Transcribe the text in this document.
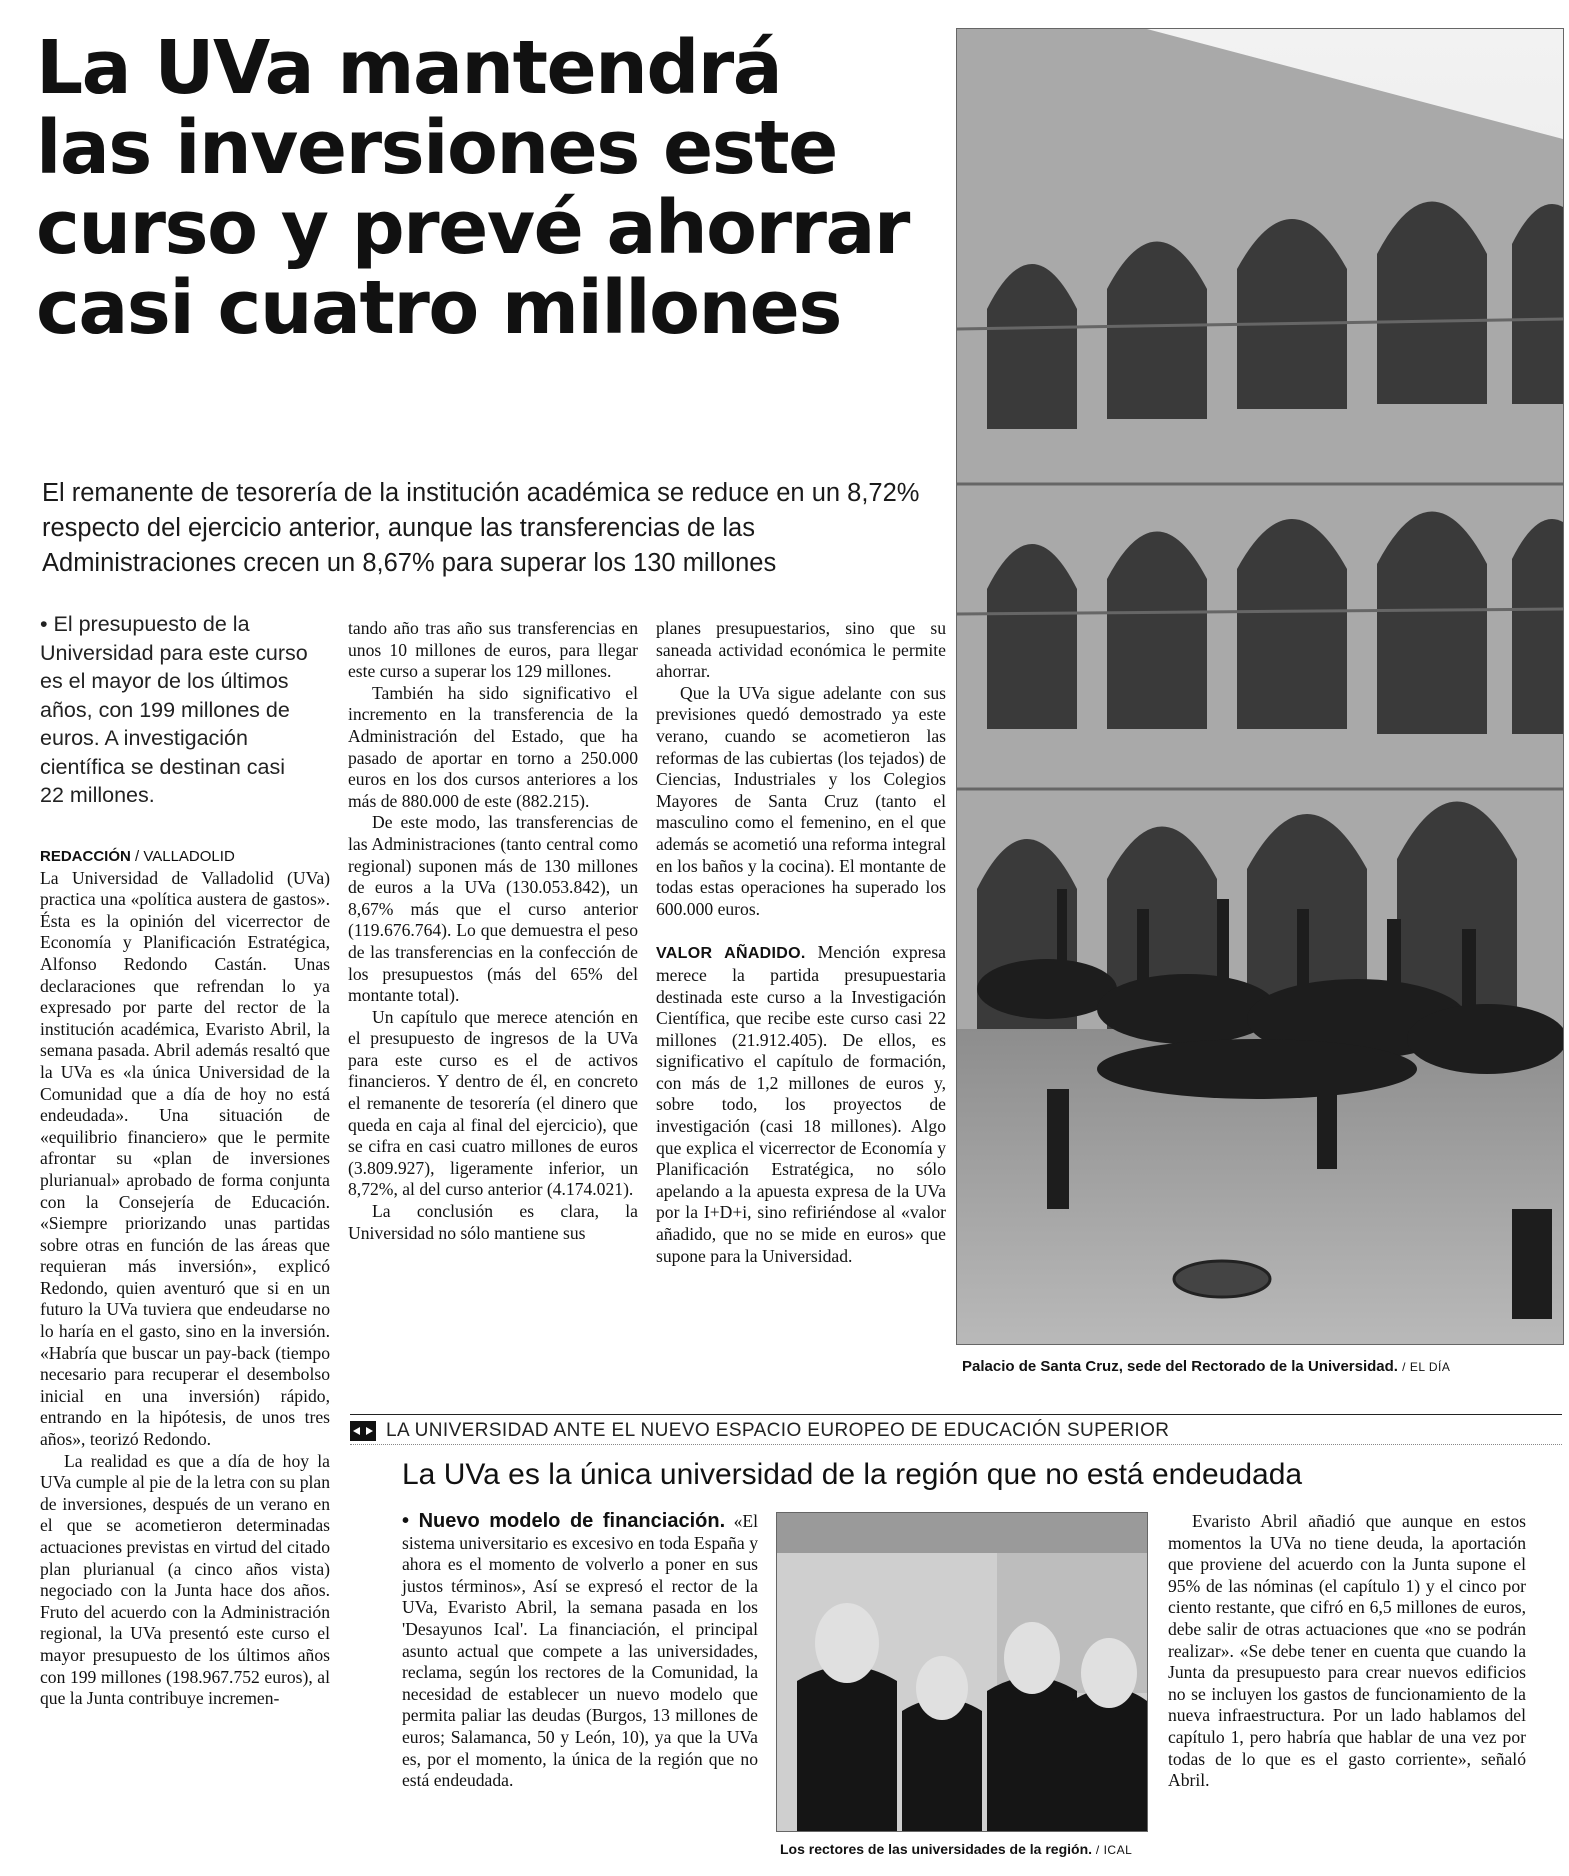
La UVa mantendrá
las inversiones este
curso y prevé ahorrar
casi cuatro millones

El remanente de tesorería de la institución académica se reduce en un 8,72% respecto del ejercicio anterior, aunque las transferencias de las Administraciones crecen un 8,67% para superar los 130 millones

• El presupuesto de la Universidad para este curso es el mayor de los últimos años, con 199 millones de euros. A investigación científica se destinan casi 22 millones.
REDACCIÓN / VALLADOLID

La Universidad de Valladolid (UVa) practica una «política austera de gastos». Ésta es la opinión del vicerrector de Economía y Planificación Estratégica, Alfonso Redondo Castán. Unas declaraciones que refrendan lo ya expresado por parte del rector de la institución académica, Evaristo Abril, la semana pasada. Abril además resaltó que la UVa es «la única Universidad de la Comunidad que a día de hoy no está endeudada». Una situación de «equilibrio financiero» que le permite afrontar su «plan de inversiones plurianual» aprobado de forma conjunta con la Consejería de Educación. «Siempre priorizando unas partidas sobre otras en función de las áreas que requieran más inversión», explicó Redondo, quien aventuró que si en un futuro la UVa tuviera que endeudarse no lo haría en el gasto, sino en la inversión. «Habría que buscar un pay-back (tiempo necesario para recuperar el desembolso inicial en una inversión) rápido, entrando en la hipótesis, de unos tres años», teorizó Redondo.

La realidad es que a día de hoy la UVa cumple al pie de la letra con su plan de inversiones, después de un verano en el que se acometieron determinadas actuaciones previstas en virtud del citado plan plurianual (a cinco años vista) negociado con la Junta hace dos años. Fruto del acuerdo con la Administración regional, la UVa presentó este curso el mayor presupuesto de los últimos años con 199 millones (198.967.752 euros), al que la Junta contribuye incremen-

tando año tras año sus transferencias en unos 10 millones de euros, para llegar este curso a superar los 129 millones.

También ha sido significativo el incremento en la transferencia de la Administración del Estado, que ha pasado de aportar en torno a 250.000 euros en los dos cursos anteriores a los más de 880.000 de este (882.215).

De este modo, las transferencias de las Administraciones (tanto central como regional) suponen más de 130 millones de euros a la UVa (130.053.842), un 8,67% más que el curso anterior (119.676.764). Lo que demuestra el peso de las transferencias en la confección de los presupuestos (más del 65% del montante total).

Un capítulo que merece atención en el presupuesto de ingresos de la UVa para este curso es el de activos financieros. Y dentro de él, en concreto el remanente de tesorería (el dinero que queda en caja al final del ejercicio), que se cifra en casi cuatro millones de euros (3.809.927), ligeramente inferior, un 8,72%, al del curso anterior (4.174.021).

La conclusión es clara, la Universidad no sólo mantiene sus

planes presupuestarios, sino que su saneada actividad económica le permite ahorrar.

Que la UVa sigue adelante con sus previsiones quedó demostrado ya este verano, cuando se acometieron las reformas de las cubiertas (los tejados) de Ciencias, Industriales y los Colegios Mayores de Santa Cruz (tanto el masculino como el femenino, en el que además se acometió una reforma integral en los baños y la cocina). El montante de todas estas operaciones ha superado los 600.000 euros.

VALOR AÑADIDO. Mención expresa merece la partida presupuestaria destinada este curso a la Investigación Científica, que recibe este curso casi 22 millones (21.912.405). De ellos, es significativo el capítulo de formación, con más de 1,2 millones de euros y, sobre todo, los proyectos de investigación (casi 18 millones). Algo que explica el vicerrector de Economía y Planificación Estratégica, no sólo apelando a la apuesta expresa de la UVa por la I+D+i, sino refiriéndose al «valor añadido, que no se mide en euros» que supone para la Universidad.

Palacio de Santa Cruz, sede del Rectorado de la Universidad. / EL DÍA
LA UNIVERSIDAD ANTE EL NUEVO ESPACIO EUROPEO DE EDUCACIÓN SUPERIOR
La UVa es la única universidad de la región que no está endeudada

• Nuevo modelo de financiación. «El sistema universitario es excesivo en toda España y ahora es el momento de volverlo a poner en sus justos términos», Así se expresó el rector de la UVa, Evaristo Abril, la semana pasada en los 'Desayunos Ical'. La financiación, el principal asunto actual que compete a las universidades, reclama, según los rectores de la Comunidad, la necesidad de establecer un nuevo modelo que permita paliar las deudas (Burgos, 13 millones de euros; Salamanca, 50 y León, 10), ya que la UVa es, por el momento, la única de la región que no está endeudada.

Los rectores de las universidades de la región. / ICAL

Evaristo Abril añadió que aunque en estos momentos la UVa no tiene deuda, la aportación que proviene del acuerdo con la Junta supone el 95% de las nóminas (el capítulo 1) y el cinco por ciento restante, que cifró en 6,5 millones de euros, debe salir de otras actuaciones que «no se podrán realizar». «Se debe tener en cuenta que cuando la Junta da presupuesto para crear nuevos edificios no se incluyen los gastos de funcionamiento de la nueva infraestructura. Por un lado hablamos del capítulo 1, pero habría que hablar de una vez por todas de lo que es el gasto corriente», señaló Abril.
